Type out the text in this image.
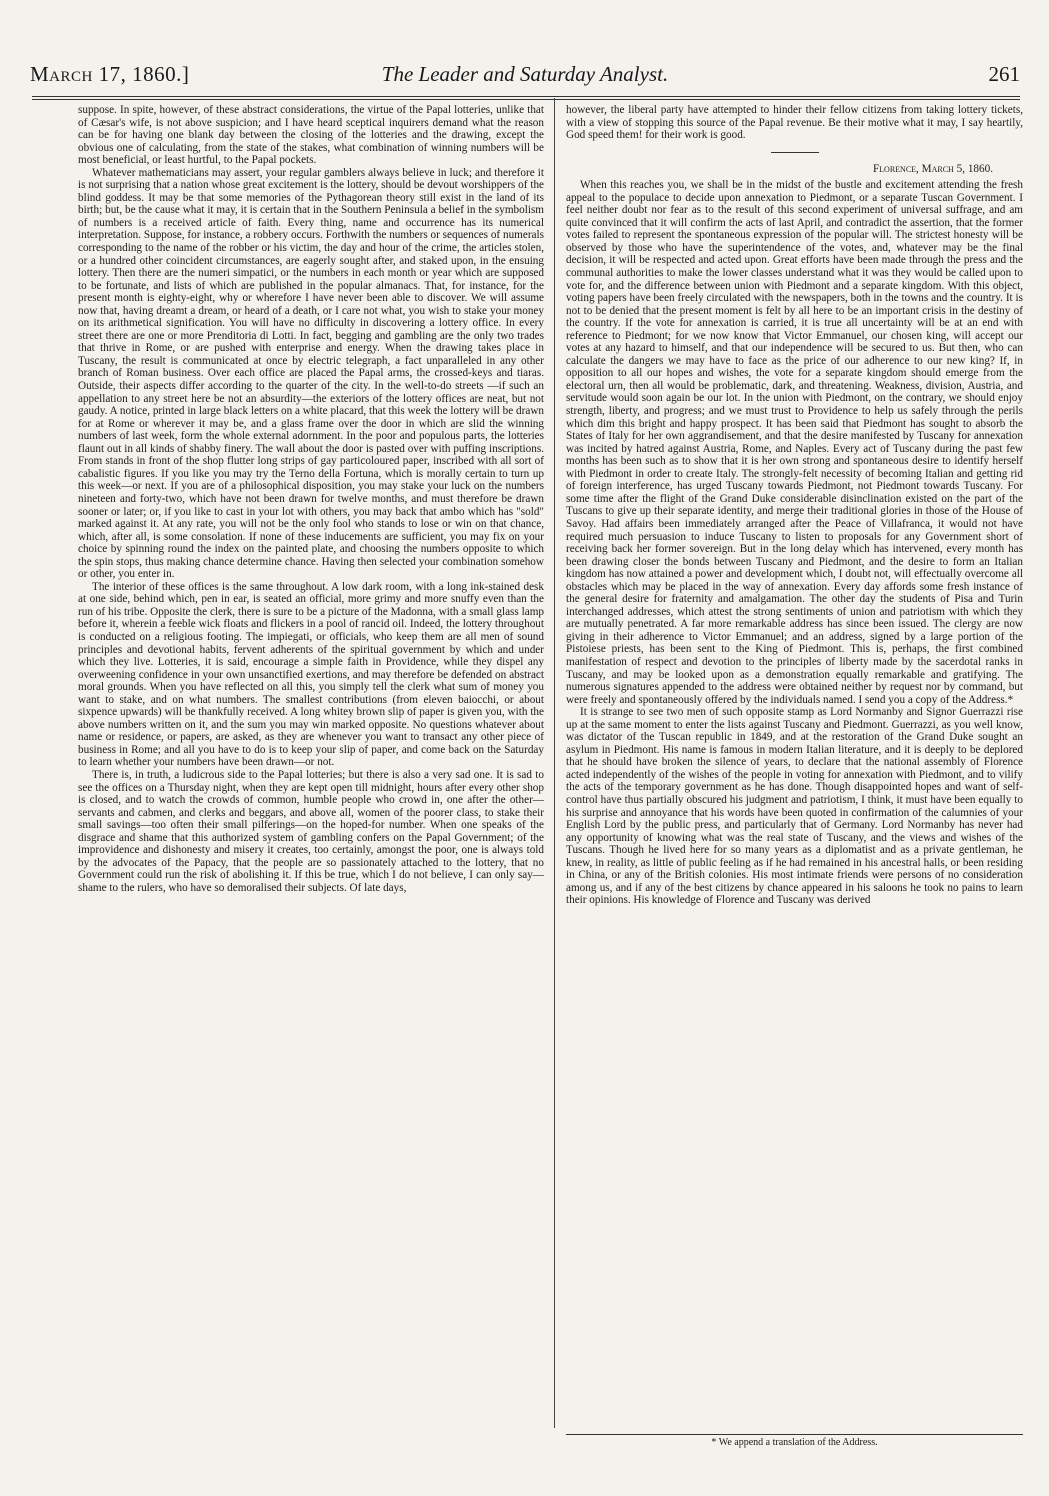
March 17, 1860.]	The Leader and Saturday Analyst.	261

suppose. In spite, however, of these abstract considerations, the virtue of the Papal lotteries, unlike that of Cæsar's wife, is not above suspicion; and I have heard sceptical inquirers demand what the reason can be for having one blank day between the closing of the lotteries and the drawing, except the obvious one of calculating, from the state of the stakes, what combination of winning numbers will be most beneficial, or least hurtful, to the Papal pockets.

Whatever mathematicians may assert, your regular gamblers always believe in luck; and therefore it is not surprising that a nation whose great excitement is the lottery, should be devout worshippers of the blind goddess. It may be that some memories of the Pythagorean theory still exist in the land of its birth; but, be the cause what it may, it is certain that in the Southern Peninsula a belief in the symbolism of numbers is a received article of faith. Every thing, name and occurrence has its numerical interpretation. Suppose, for instance, a robbery occurs. Forthwith the numbers or sequences of numerals corresponding to the name of the robber or his victim, the day and hour of the crime, the articles stolen, or a hundred other coincident circumstances, are eagerly sought after, and staked upon, in the ensuing lottery. Then there are the numeri simpatici, or the numbers in each month or year which are supposed to be fortunate, and lists of which are published in the popular almanacs. That, for instance, for the present month is eighty-eight, why or wherefore I have never been able to discover. We will assume now that, having dreamt a dream, or heard of a death, or I care not what, you wish to stake your money on its arithmetical signification. You will have no difficulty in discovering a lottery office. In every street there are one or more Prenditoria di Lotti. In fact, begging and gambling are the only two trades that thrive in Rome, or are pushed with enterprise and energy. When the drawing takes place in Tuscany, the result is communicated at once by electric telegraph, a fact unparalleled in any other branch of Roman business. Over each office are placed the Papal arms, the crossed-keys and tiaras. Outside, their aspects differ according to the quarter of the city. In the well-to-do streets —if such an appellation to any street here be not an absurdity—the exteriors of the lottery offices are neat, but not gaudy. A notice, printed in large black letters on a white placard, that this week the lottery will be drawn for at Rome or wherever it may be, and a glass frame over the door in which are slid the winning numbers of last week, form the whole external adornment. In the poor and populous parts, the lotteries flaunt out in all kinds of shabby finery. The wall about the door is pasted over with puffing inscriptions. From stands in front of the shop flutter long strips of gay particoloured paper, inscribed with all sort of cabalistic figures. If you like you may try the Terno della Fortuna, which is morally certain to turn up this week—or next. If you are of a philosophical disposition, you may stake your luck on the numbers nineteen and forty-two, which have not been drawn for twelve months, and must therefore be drawn sooner or later; or, if you like to cast in your lot with others, you may back that ambo which has "sold" marked against it. At any rate, you will not be the only fool who stands to lose or win on that chance, which, after all, is some consolation. If none of these inducements are sufficient, you may fix on your choice by spinning round the index on the painted plate, and choosing the numbers opposite to which the spin stops, thus making chance determine chance. Having then selected your combination somehow or other, you enter in.

The interior of these offices is the same throughout. A low dark room, with a long ink-stained desk at one side, behind which, pen in ear, is seated an official, more grimy and more snuffy even than the run of his tribe. Opposite the clerk, there is sure to be a picture of the Madonna, with a small glass lamp before it, wherein a feeble wick floats and flickers in a pool of rancid oil. Indeed, the lottery throughout is conducted on a religious footing. The impiegati, or officials, who keep them are all men of sound principles and devotional habits, fervent adherents of the spiritual government by which and under which they live. Lotteries, it is said, encourage a simple faith in Providence, while they dispel any overweening confidence in your own unsanctified exertions, and may therefore be defended on abstract moral grounds. When you have reflected on all this, you simply tell the clerk what sum of money you want to stake, and on what numbers. The smallest contributions (from eleven baiocchi, or about sixpence upwards) will be thankfully received. A long whitey brown slip of paper is given you, with the above numbers written on it, and the sum you may win marked opposite. No questions whatever about name or residence, or papers, are asked, as they are whenever you want to transact any other piece of business in Rome; and all you have to do is to keep your slip of paper, and come back on the Saturday to learn whether your numbers have been drawn—or not.

There is, in truth, a ludicrous side to the Papal lotteries; but there is also a very sad one. It is sad to see the offices on a Thursday night, when they are kept open till midnight, hours after every other shop is closed, and to watch the crowds of common, humble people who crowd in, one after the other—servants and cabmen, and clerks and beggars, and above all, women of the poorer class, to stake their small savings—too often their small pilferings—on the hoped-for number. When one speaks of the disgrace and shame that this authorized system of gambling confers on the Papal Government; of the improvidence and dishonesty and misery it creates, too certainly, amongst the poor, one is always told by the advocates of the Papacy, that the people are so passionately attached to the lottery, that no Government could run the risk of abolishing it. If this be true, which I do not believe, I can only say—shame to the rulers, who have so demoralised their subjects. Of late days,

however, the liberal party have attempted to hinder their fellow citizens from taking lottery tickets, with a view of stopping this source of the Papal revenue. Be their motive what it may, I say heartily, God speed them! for their work is good.

Florence, March 5, 1860.

When this reaches you, we shall be in the midst of the bustle and excitement attending the fresh appeal to the populace to decide upon annexation to Piedmont, or a separate Tuscan Government. I feel neither doubt nor fear as to the result of this second experiment of universal suffrage, and am quite convinced that it will confirm the acts of last April, and contradict the assertion, that the former votes failed to represent the spontaneous expression of the popular will. The strictest honesty will be observed by those who have the superintendence of the votes, and, whatever may be the final decision, it will be respected and acted upon. Great efforts have been made through the press and the communal authorities to make the lower classes understand what it was they would be called upon to vote for, and the difference between union with Piedmont and a separate kingdom. With this object, voting papers have been freely circulated with the newspapers, both in the towns and the country. It is not to be denied that the present moment is felt by all here to be an important crisis in the destiny of the country. If the vote for annexation is carried, it is true all uncertainty will be at an end with reference to Piedmont; for we now know that Victor Emmanuel, our chosen king, will accept our votes at any hazard to himself, and that our independence will be secured to us. But then, who can calculate the dangers we may have to face as the price of our adherence to our new king? If, in opposition to all our hopes and wishes, the vote for a separate kingdom should emerge from the electoral urn, then all would be problematic, dark, and threatening. Weakness, division, Austria, and servitude would soon again be our lot. In the union with Piedmont, on the contrary, we should enjoy strength, liberty, and progress; and we must trust to Providence to help us safely through the perils which dim this bright and happy prospect. It has been said that Piedmont has sought to absorb the States of Italy for her own aggrandisement, and that the desire manifested by Tuscany for annexation was incited by hatred against Austria, Rome, and Naples. Every act of Tuscany during the past few months has been such as to show that it is her own strong and spontaneous desire to identify herself with Piedmont in order to create Italy. The strongly-felt necessity of becoming Italian and getting rid of foreign interference, has urged Tuscany towards Piedmont, not Piedmont towards Tuscany. For some time after the flight of the Grand Duke considerable disinclination existed on the part of the Tuscans to give up their separate identity, and merge their traditional glories in those of the House of Savoy. Had affairs been immediately arranged after the Peace of Villafranca, it would not have required much persuasion to induce Tuscany to listen to proposals for any Government short of receiving back her former sovereign. But in the long delay which has intervened, every month has been drawing closer the bonds between Tuscany and Piedmont, and the desire to form an Italian kingdom has now attained a power and development which, I doubt not, will effectually overcome all obstacles which may be placed in the way of annexation. Every day affords some fresh instance of the general desire for fraternity and amalgamation. The other day the students of Pisa and Turin interchanged addresses, which attest the strong sentiments of union and patriotism with which they are mutually penetrated. A far more remarkable address has since been issued. The clergy are now giving in their adherence to Victor Emmanuel; and an address, signed by a large portion of the Pistoiese priests, has been sent to the King of Piedmont. This is, perhaps, the first combined manifestation of respect and devotion to the principles of liberty made by the sacerdotal ranks in Tuscany, and may be looked upon as a demonstration equally remarkable and gratifying. The numerous signatures appended to the address were obtained neither by request nor by command, but were freely and spontaneously offered by the individuals named. I send you a copy of the Address.*

It is strange to see two men of such opposite stamp as Lord Normanby and Signor Guerrazzi rise up at the same moment to enter the lists against Tuscany and Piedmont. Guerrazzi, as you well know, was dictator of the Tuscan republic in 1849, and at the restoration of the Grand Duke sought an asylum in Piedmont. His name is famous in modern Italian literature, and it is deeply to be deplored that he should have broken the silence of years, to declare that the national assembly of Florence acted independently of the wishes of the people in voting for annexation with Piedmont, and to vilify the acts of the temporary government as he has done. Though disappointed hopes and want of self-control have thus partially obscured his judgment and patriotism, I think, it must have been equally to his surprise and annoyance that his words have been quoted in confirmation of the calumnies of your English Lord by the public press, and particularly that of Germany. Lord Normanby has never had any opportunity of knowing what was the real state of Tuscany, and the views and wishes of the Tuscans. Though he lived here for so many years as a diplomatist and as a private gentleman, he knew, in reality, as little of public feeling as if he had remained in his ancestral halls, or been residing in China, or any of the British colonies. His most intimate friends were persons of no consideration among us, and if any of the best citizens by chance appeared in his saloons he took no pains to learn their opinions. His knowledge of Florence and Tuscany was derived

* We append a translation of the Address.
